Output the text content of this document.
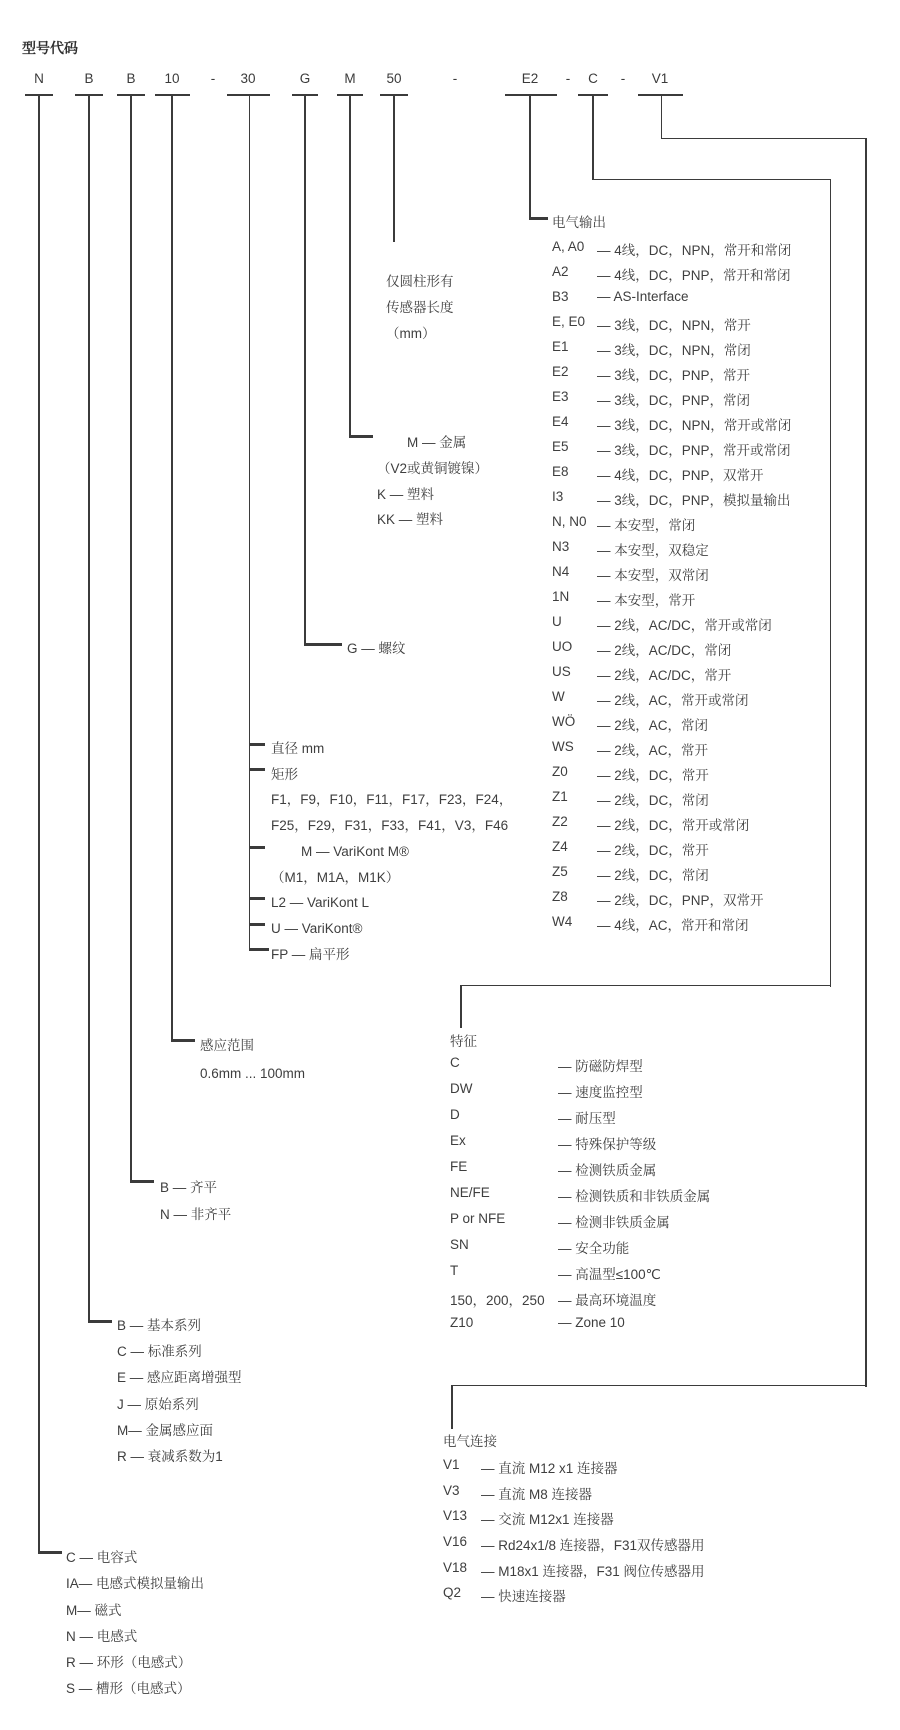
型号代码
N	B B 10 - 30	G	M 50	-	E2 - C - V1
电气输出
A, A0 — 4线，DC，NPN，常开和常闭
A2	— 4线，DC，PNP，常开和常闭
B3	— AS-Interface
E, E0 — 3线，DC，NPN，常开
E1	— 3线，DC，NPN，常闭
E2	— 3线，DC，PNP，常开
E3	— 3线，DC，PNP，常闭
E4	— 3线，DC，NPN，常开或常闭
E5	— 3线，DC，PNP，常开或常闭
E8	— 4线，DC，PNP，双常开
I3	— 3线，DC，PNP，模拟量输出
N, N0 — 本安型，常闭
N3	— 本安型，双稳定
N4	— 本安型，双常闭
1N	— 本安型，常开
U	— 2线，AC/DC，常开或常闭
UO	— 2线，AC/DC，常闭
US	— 2线，AC/DC，常开
W	— 2线，AC，常开或常闭
WÖ	— 2线，AC，常闭
WS	— 2线，AC，常开
Z0	— 2线，DC，常开
Z1	— 2线，DC，常闭
Z2	— 2线，DC，常开或常闭
Z4	— 2线，DC，常开
Z5	— 2线，DC，常闭
Z8	— 2线，DC，PNP，双常开
W4	— 4线，AC，常开和常闭
仅圆柱形有
传感器长度
（mm）
M — 金属
（V2或黄铜镀镍）
K — 塑料
KK — 塑料
G — 螺纹
直径 mm
矩形
F1，F9，F10，F11，F17，F23，F24，
F25，F29，F31，F33，F41，V3，F46
M — VariKont M®
（M1，M1A，M1K）
L2 — VariKont L
U — VariKont®
FP — 扁平形
感应范围
0.6mm ... 100mm
B — 齐平
N — 非齐平
B — 基本系列
C — 标准系列
E — 感应距离增强型
J — 原始系列
M— 金属感应面
R — 衰减系数为1
C — 电容式
IA— 电感式模拟量输出
M— 磁式
N — 电感式
R — 环形（电感式）
S — 槽形（电感式）
特征
C	— 防磁防焊型
DW	— 速度监控型
D	— 耐压型
Ex	— 特殊保护等级
FE	— 检测铁质金属
NE/FE	— 检测铁质和非铁质金属
P or NFE	— 检测非铁质金属
SN	— 安全功能
T	— 高温型≤100℃
150，200，250 — 最高环境温度
Z10	— Zone 10
电气连接
V1	— 直流 M12 x1 连接器
V3	— 直流 M8 连接器
V13	— 交流 M12x1 连接器
V16	— Rd24x1/8 连接器，F31双传感器用
V18	— M18x1 连接器，F31 阀位传感器用
Q2	— 快速连接器
